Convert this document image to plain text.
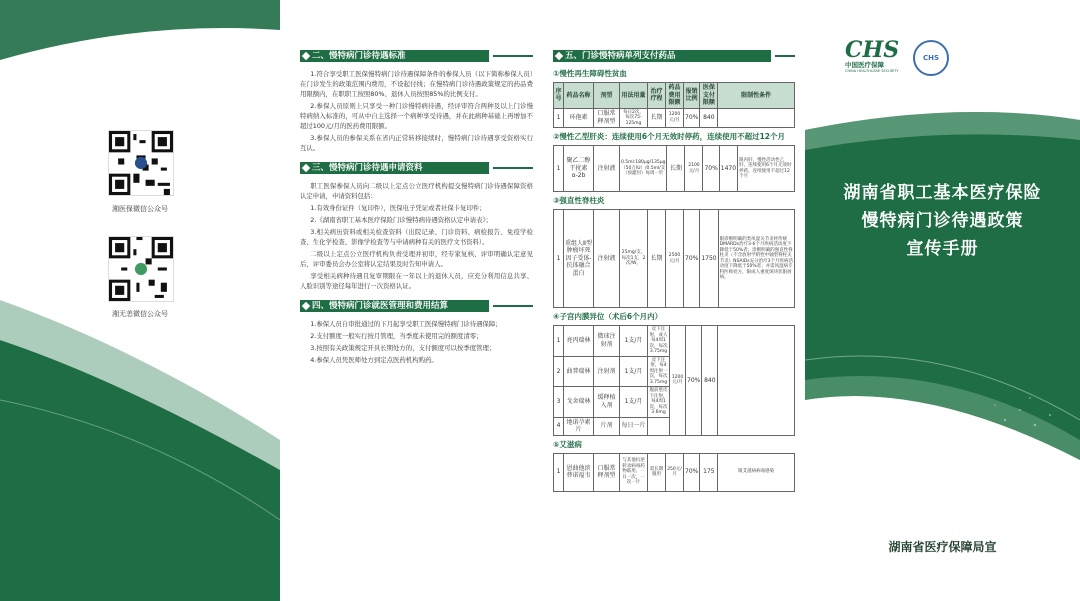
湘医保微信公众号
湘无恙微信公众号
二、慢特病门诊待遇标准

1.符合享受职工医保慢特病门诊待遇保障条件的参保人员（以下简称参保人员）在门诊发生的政策范围内费用，不设起付线；在慢特病门诊待遇政策规定的药品费用限额内，在职职工按照80%、退休人员按照85%的比例支付。

2.参保人员原则上只享受一种门诊慢特病待遇，经评审符合两种及以上门诊慢特病纳入标准的，可从中自主选择一个病种享受待遇，并在此病种基础上再增加不超过100元/月的医药费用限额。

3.参保人员的参保关系在省内正常转移接续时，慢特病门诊待遇享受资格实行互认。

三、慢特病门诊待遇申请资料

职工医保参保人员向二级以上定点公立医疗机构提交慢特病门诊待遇保障资格认定申请，申请资料包括：

1.有效身份证件（复印件），医保电子凭证或者社保卡复印件；

2.《湖南省职工基本医疗保险门诊慢特病待遇资格认定申请表》；

3.相关病历资料或相关检查资料（出院记录、门诊资料、病检报告、免疫学检查、生化学检查、影像学检查等与申请病种有关的医疗文书资料）。

二级以上定点公立医疗机构负责受理并初审，经专家复核、评审明确认定意见后，评审委员会办公室将认定结果及时告知申请人。

享受相关病种待遇且复审期限在一年以上的退休人员，应充分利用信息共享、人脸识别等途径每年进行一次资格认证。

四、慢特病门诊就医管理和费用结算

1.参保人员自审批通过的下月起享受职工医保慢特病门诊待遇保障；

2.支付额度一般实行按月管理，当季度未使用完的额度清零；

3.按照有关政策规定开具长期处方的，支付额度可以按季度管理；

4.参保人员凭医师处方到定点医药机构购药。

五、门诊慢特病单列支付药品
①慢性再生障碍性贫血
序号	药品名称	剂型	用法用量	治疗疗程	药品费用限额	报销比例	医保支付限额	限制性条件
1	环孢素	口服常释剂型	每日2次，每次75-125mg	长期	1200元/月	70%	840	
②慢性乙型肝炎：连续使用6个月无效时停药，连续使用不超过12个月
1	聚乙二醇干扰素α-2b	注射液	0.5ml:180μg/135μg（50万IU）/0.5ml/支（预灌封）每周一针	长期	2100元/月	70%	1470	限丙肝，慢性活动性乙肝，连续使用6个月无效时停药，连续使用不超过12个月
③强直性脊柱炎
1	重组人Ⅱ型肿瘤坏死因子受体-抗体融合蛋白	注射液	25mg/支，每次1支，2次/W。	长期	2500元/月	70%	1750	限诊断明确的类风湿关节炎经传统DMARDs治疗3-6个月疾病活动度下降低于50%者；诊断明确的强直性脊柱炎（不含放射学阴性中轴型脊柱关节炎）NSAIDs充分治疗3个月疾病活动度下降低于50%者；并需风湿病专科医师处方，限成人重度斑块状银屑病。
④子宫内膜异位（术后6个月内）
1	亮丙瑞林	微球注射剂	1支/月	皮下注射，成人每4周1次，每次3.75mg	1200元/月	70%	840	
2	曲普瑞林	注射剂	1支/月	皮下注射，每4周注射一次，每次3.75mg				
3	戈舍瑞林	缓释植入剂	1支/月	腹前壁皮下注射，每4周1次，每次3.6mg				
4	地诺孕素片	片剂	每日一片					
⑤艾滋病
1	恩曲他滨替诺福韦	口服常释剂型	与其他抗逆转录病毒药物联用，一日一次，一次一片	需长期服用	250元/月	70%	175	限艾滋病病毒感染
CHS
中国医疗保障
CHINA HEALTHCARE SECURITY
CHS
湖南省职工基本医疗保险
慢特病门诊待遇政策
宣传手册
湖南省医疗保障局宣
